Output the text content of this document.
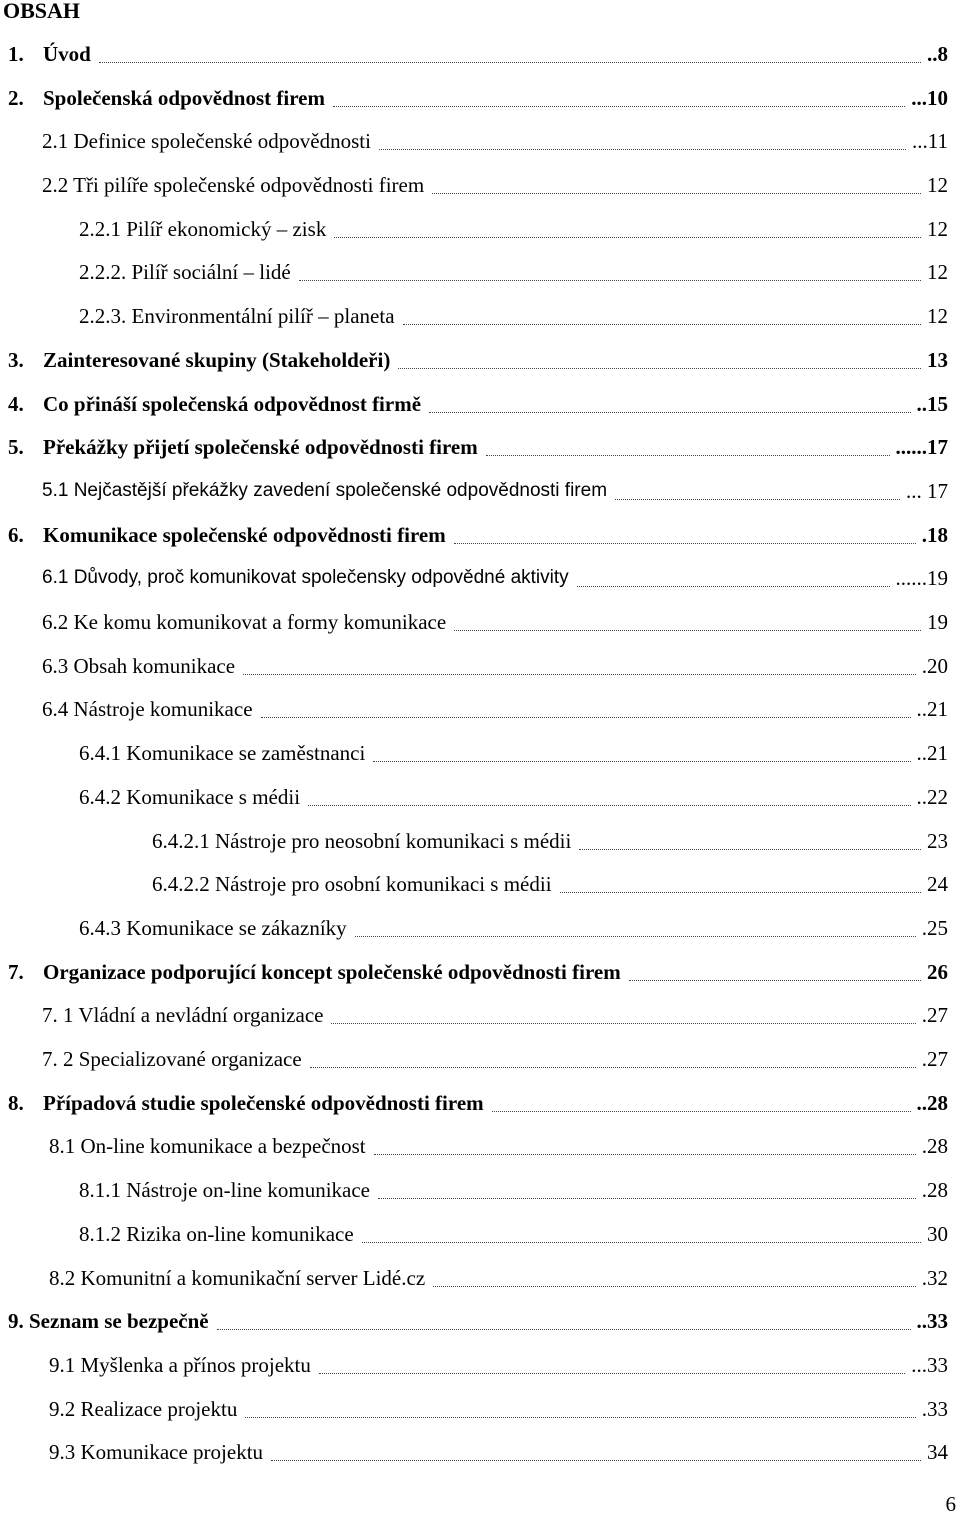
OBSAH
1. Úvod	..8
2. Společenská odpovědnost firem	...10
2.1 Definice společenské odpovědnosti	...11
2.2 Tři pilíře společenské odpovědnosti firem	12
2.2.1 Pilíř ekonomický – zisk	12
2.2.2. Pilíř sociální – lidé	12
2.2.3. Environmentální pilíř – planeta	12
3. Zainteresované skupiny (Stakeholdeři)	13
4. Co přináší společenská odpovědnost firmě	..15
5. Překážky přijetí společenské odpovědnosti firem	......17
5.1 Nejčastější překážky zavedení společenské odpovědnosti firem	... 17
6. Komunikace společenské odpovědnosti firem	.18
6.1 Důvody, proč komunikovat společensky odpovědné aktivity	......19
6.2 Ke komu komunikovat a formy komunikace	19
6.3 Obsah komunikace	.20
6.4 Nástroje komunikace	..21
6.4.1 Komunikace se zaměstnanci	..21
6.4.2 Komunikace s médii	..22
6.4.2.1 Nástroje pro neosobní komunikaci s médii	23
6.4.2.2 Nástroje pro osobní komunikaci s médii	24
6.4.3 Komunikace se zákazníky	.25
7. Organizace podporující koncept společenské odpovědnosti firem	26
7. 1 Vládní a nevládní organizace	.27
7. 2 Specializované organizace	.27
8. Případová studie společenské odpovědnosti firem	..28
8.1 On-line komunikace a bezpečnost	.28
8.1.1 Nástroje on-line komunikace	.28
8.1.2 Rizika on-line komunikace	30
8.2 Komunitní a komunikační server Lidé.cz	.32
9. Seznam se bezpečně	..33
9.1 Myšlenka a přínos projektu	...33
9.2 Realizace projektu	.33
9.3 Komunikace projektu	34
6
